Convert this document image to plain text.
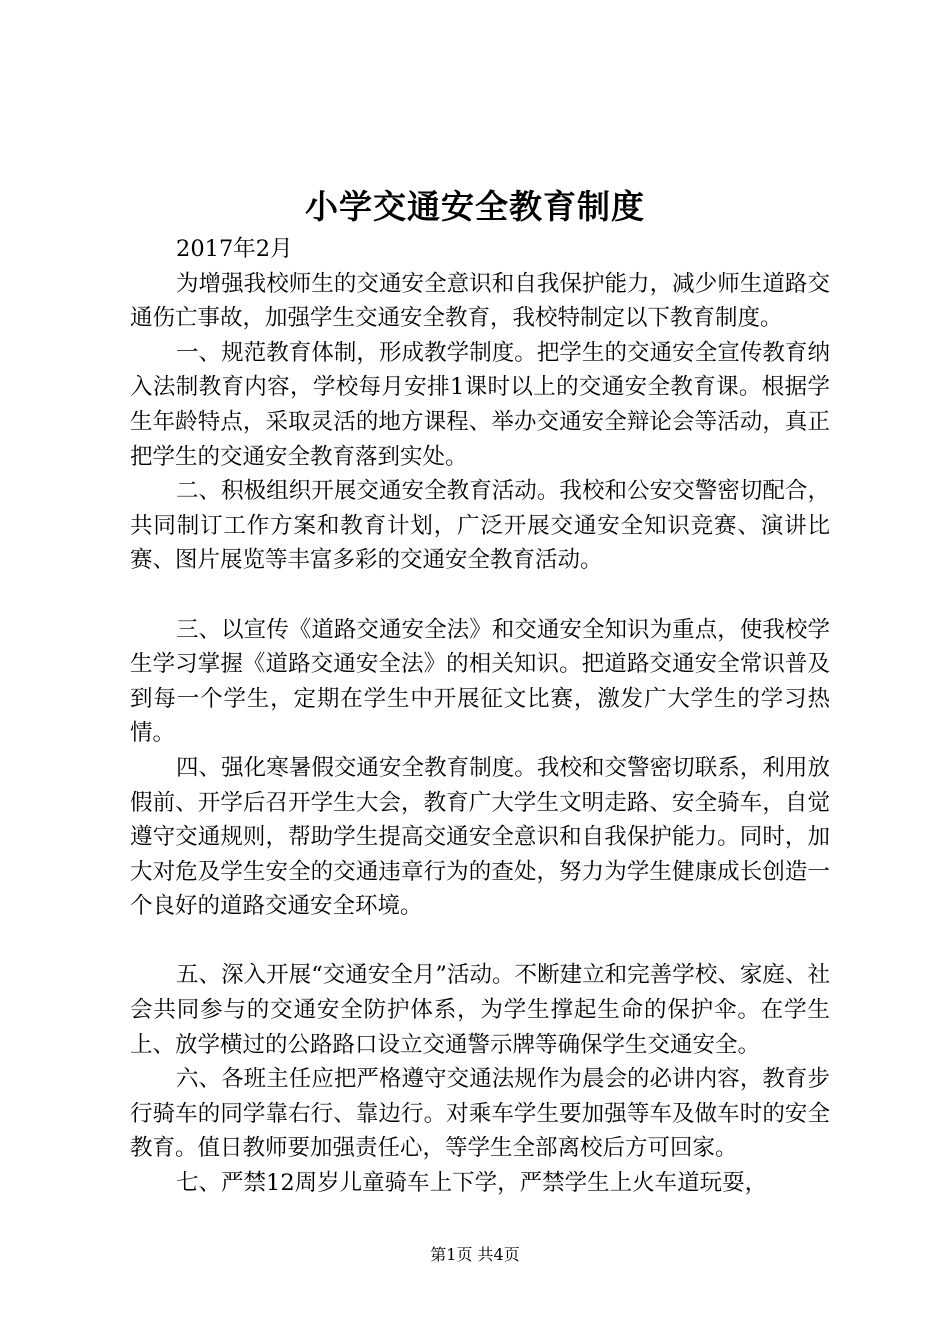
小学交通安全教育制度

2017年2月

为增强我校师生的交通安全意识和自我保护能力，减少师生道路交通伤亡事故，加强学生交通安全教育，我校特制定以下教育制度。

一、规范教育体制，形成教学制度。把学生的交通安全宣传教育纳入法制教育内容，学校每月安排1课时以上的交通安全教育课。根据学生年龄特点，采取灵活的地方课程、举办交通安全辩论会等活动，真正把学生的交通安全教育落到实处。

二、积极组织开展交通安全教育活动。我校和公安交警密切配合，共同制订工作方案和教育计划，广泛开展交通安全知识竞赛、演讲比赛、图片展览等丰富多彩的交通安全教育活动。

三、以宣传《道路交通安全法》和交通安全知识为重点，使我校学生学习掌握《道路交通安全法》的相关知识。把道路交通安全常识普及到每一个学生，定期在学生中开展征文比赛，激发广大学生的学习热情。

四、强化寒暑假交通安全教育制度。我校和交警密切联系，利用放假前、开学后召开学生大会，教育广大学生文明走路、安全骑车，自觉遵守交通规则，帮助学生提高交通安全意识和自我保护能力。同时，加大对危及学生安全的交通违章行为的查处，努力为学生健康成长创造一个良好的道路交通安全环境。

五、深入开展“交通安全月”活动。不断建立和完善学校、家庭、社会共同参与的交通安全防护体系，为学生撑起生命的保护伞。在学生上、放学横过的公路路口设立交通警示牌等确保学生交通安全。

六、各班主任应把严格遵守交通法规作为晨会的必讲内容，教育步行骑车的同学靠右行、靠边行。对乘车学生要加强等车及做车时的安全教育。值日教师要加强责任心，等学生全部离校后方可回家。

七、严禁12周岁儿童骑车上下学，严禁学生上火车道玩耍，

第1页 共4页
